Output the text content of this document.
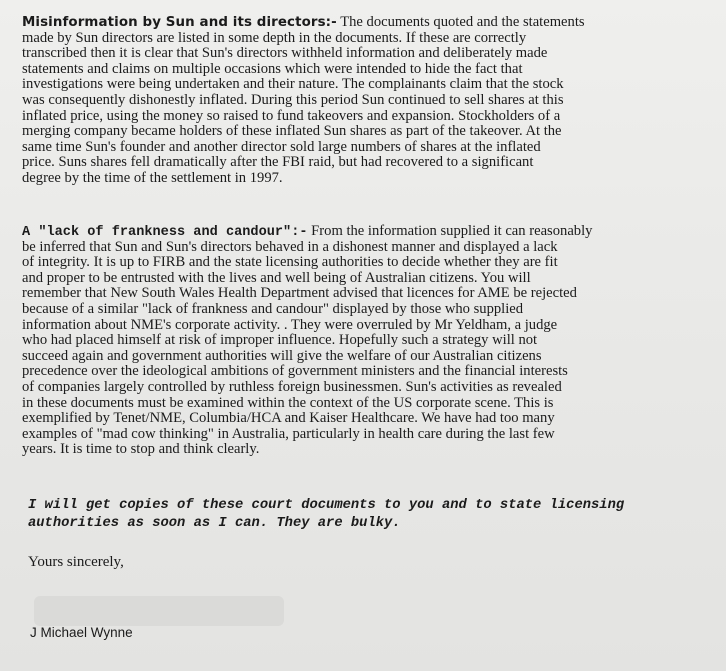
Misinformation by Sun and its directors:- The documents quoted and the statements
made by Sun directors are listed in some depth in the documents. If these are correctly
transcribed then it is clear that Sun's directors withheld information and deliberately made
statements and claims on multiple occasions which were intended to hide the fact that
investigations were being undertaken and their nature. The complainants claim that the stock
was consequently dishonestly inflated. During this period Sun continued to sell shares at this
inflated price, using the money so raised to fund takeovers and expansion. Stockholders of a
merging company became holders of these inflated Sun shares as part of the takeover. At the
same time Sun's founder and another director sold large numbers of shares at the inflated
price. Suns shares fell dramatically after the FBI raid, but had recovered to a significant
degree by the time of the settlement in 1997.
A "lack of frankness and candour":- From the information supplied it can reasonably
be inferred that Sun and Sun's directors behaved in a dishonest manner and displayed a lack
of integrity. It is up to FIRB and the state licensing authorities to decide whether they are fit
and proper to be entrusted with the lives and well being of Australian citizens. You will
remember that New South Wales Health Department advised that licences for AME be rejected
because of a similar "lack of frankness and candour" displayed by those who supplied
information about NME's corporate activity. . They were overruled by Mr Yeldham, a judge
who had placed himself at risk of improper influence. Hopefully such a strategy will not
succeed again and government authorities will give the welfare of our Australian citizens
precedence over the ideological ambitions of government ministers and the financial interests
of companies largely controlled by ruthless foreign businessmen. Sun's activities as revealed
in these documents must be examined within the context of the US corporate scene. This is
exemplified by Tenet/NME, Columbia/HCA and Kaiser Healthcare. We have had too many
examples of "mad cow thinking" in Australia, particularly in health care during the last few
years. It is time to stop and think clearly.
I will get copies of these court documents to you and to state licensing
authorities as soon as I can. They are bulky.
Yours sincerely,
J Michael Wynne
